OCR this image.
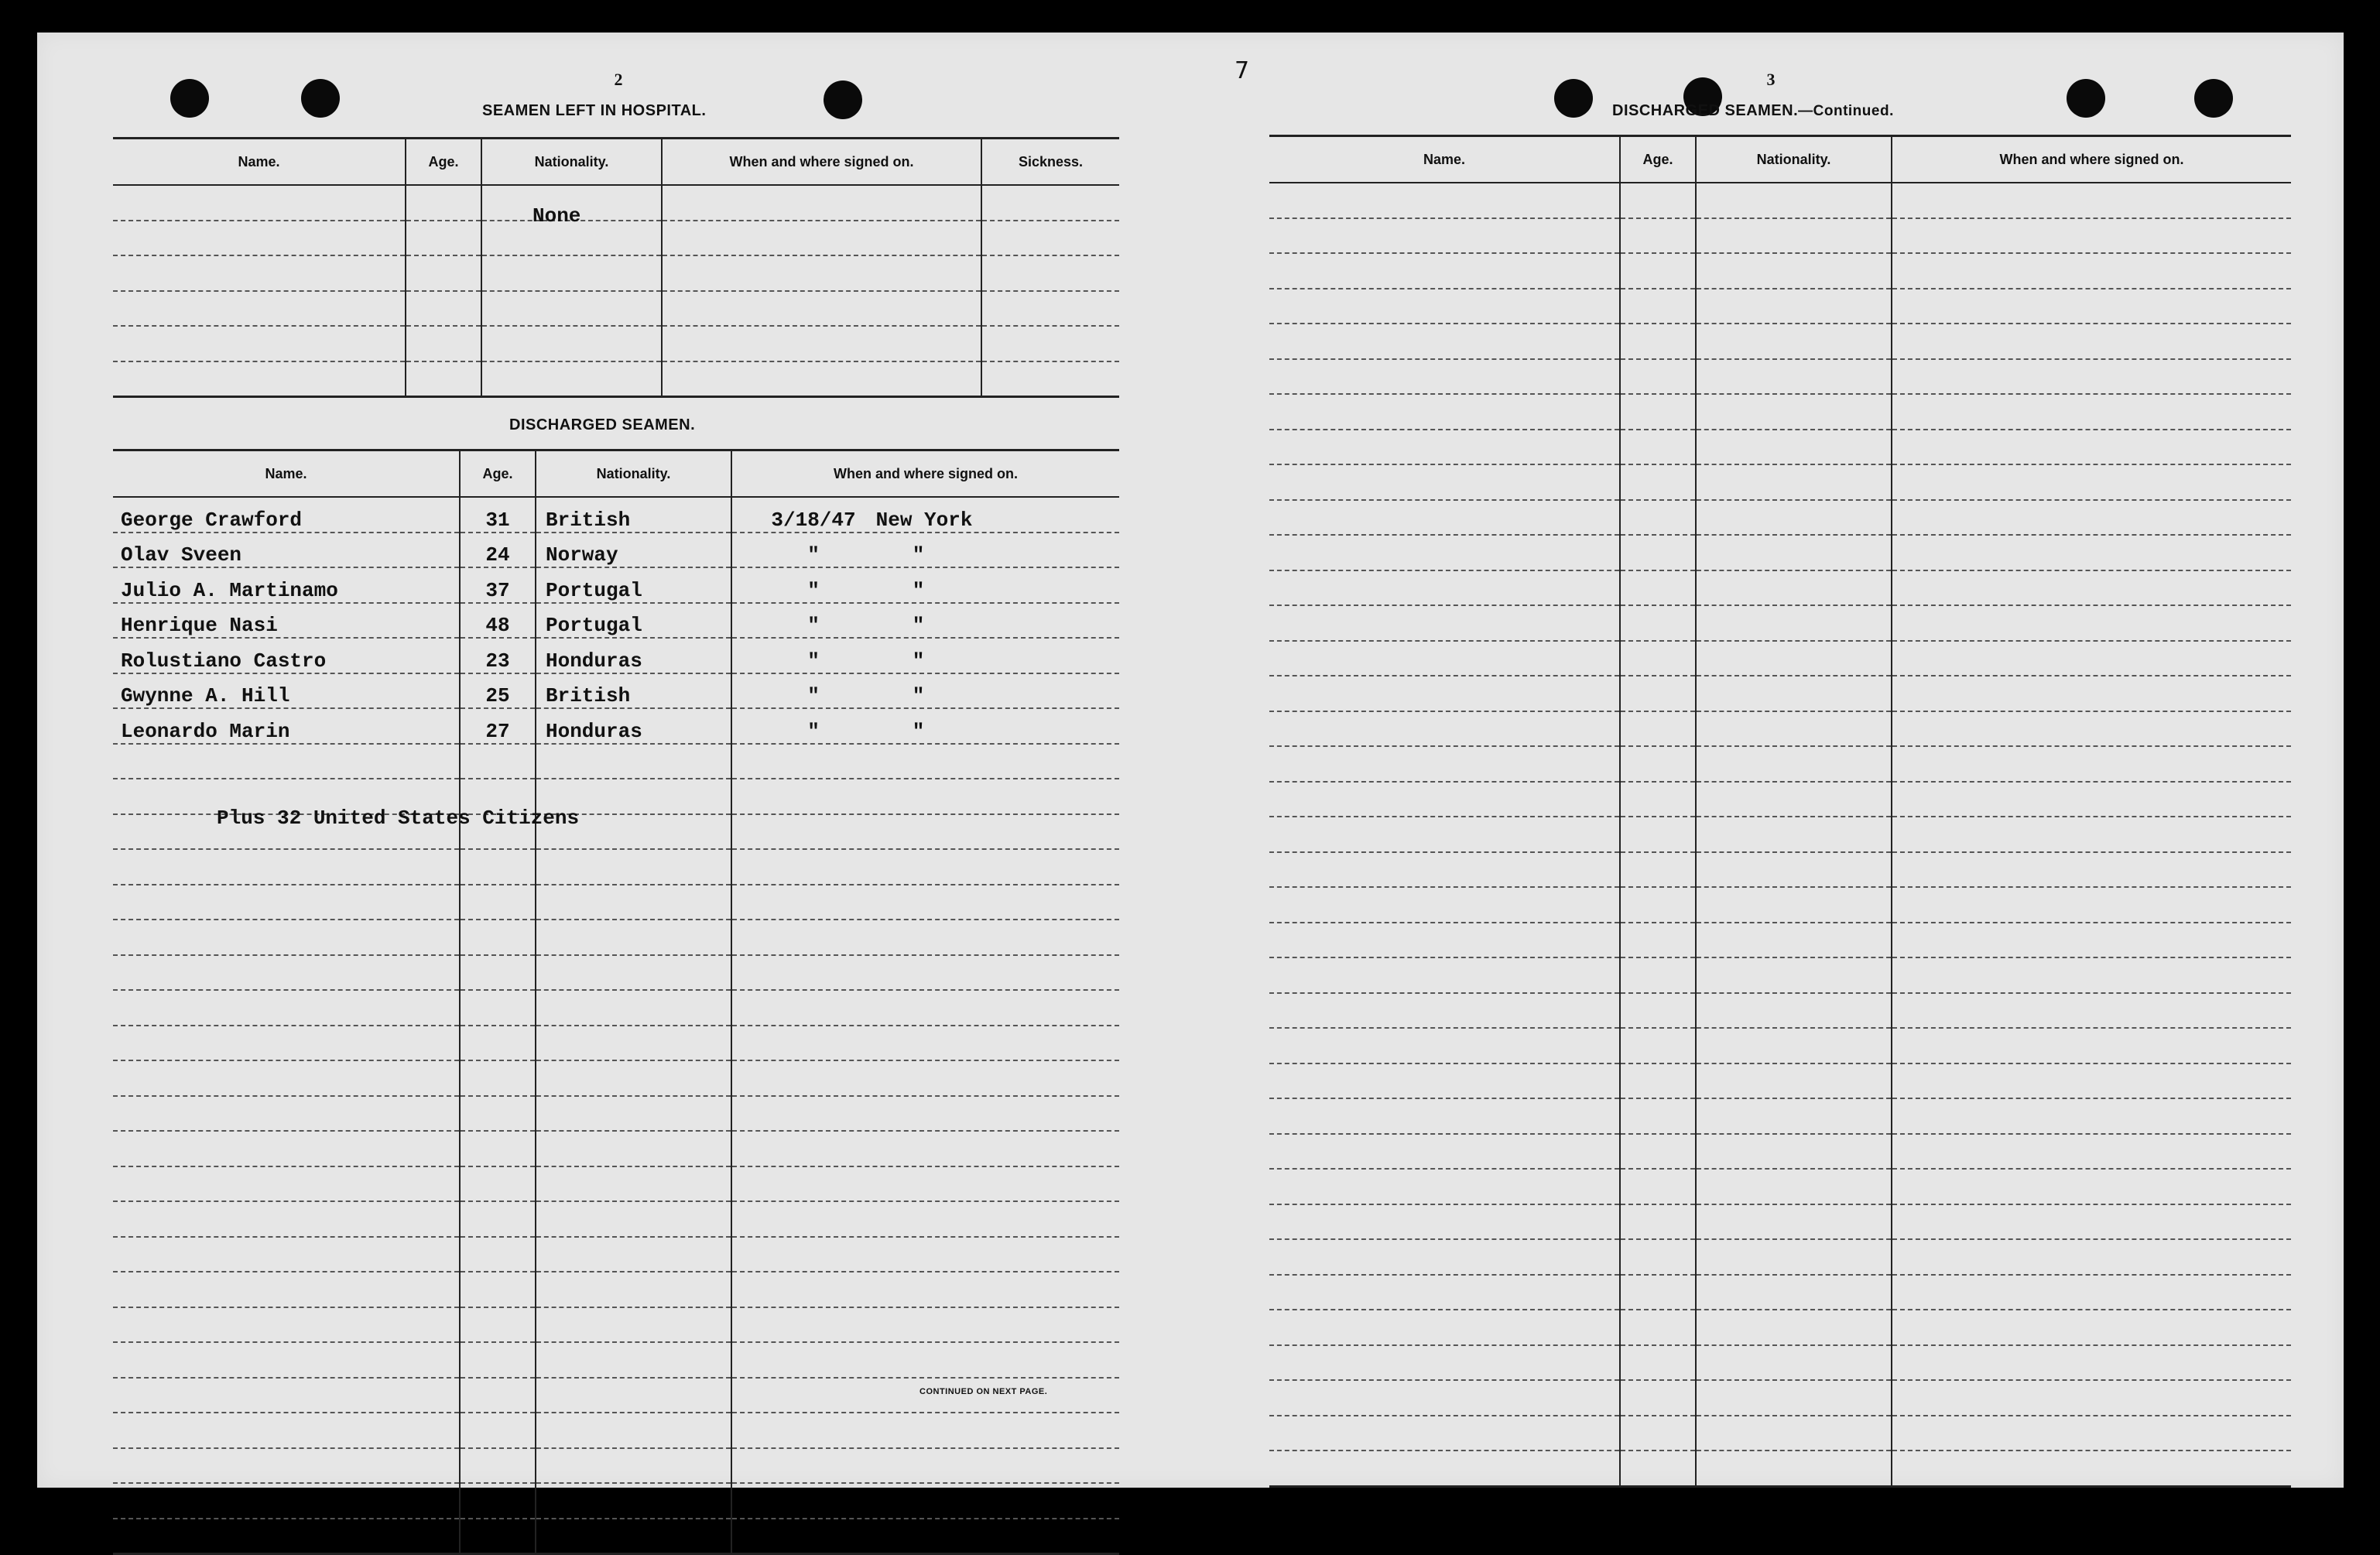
7
2
SEAMEN LEFT IN HOSPITAL.
Name.	Age.	Nationality.	When and where signed on.	Sickness.

None
DISCHARGED SEAMEN.
Name.	Age.	Nationality.	When and where signed on.
George Crawford	31	British	3/18/47 New York
Olav Sveen	24	Norway	" "
Julio A. Martinamo	37	Portugal	" "
Henrique Nasi	48	Portugal	" "
Rolustiano Castro	23	Honduras	" "
Gwynne A. Hill	25	British	" "
Leonardo Marin	27	Honduras	" "

Plus 32 United States Citizens
CONTINUED ON NEXT PAGE.
3
DISCHARGED SEAMEN.—Continued.
Name.	Age.	Nationality.	When and where signed on.
